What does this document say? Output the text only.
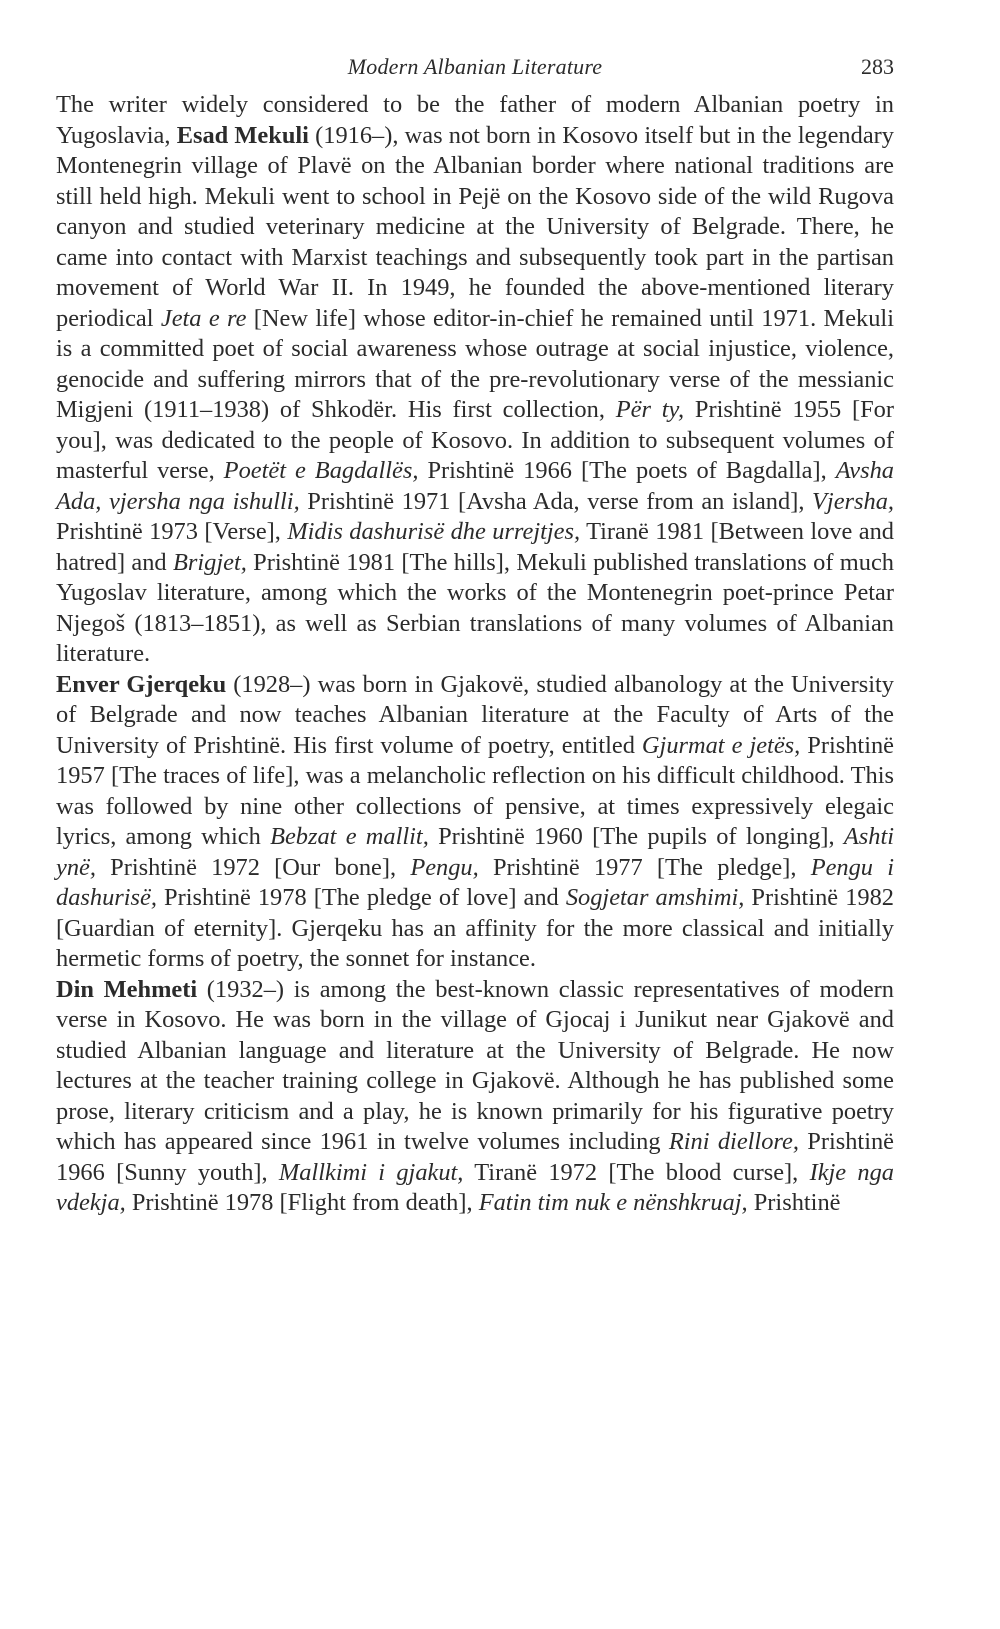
Modern Albanian Literature	283

The writer widely considered to be the father of modern Albanian poetry in Yugoslavia, Esad Mekuli (1916–), was not born in Kosovo itself but in the legendary Montenegrin village of Plavë on the Albanian border where national traditions are still held high. Mekuli went to school in Pejë on the Kosovo side of the wild Rugova canyon and studied veterinary medicine at the University of Belgrade. There, he came into contact with Marxist teachings and subsequently took part in the partisan movement of World War II. In 1949, he founded the above-mentioned literary periodical Jeta e re [New life] whose editor-in-chief he remained until 1971. Mekuli is a committed poet of social awareness whose outrage at social injustice, violence, genocide and suffering mirrors that of the pre-revolutionary verse of the messianic Migjeni (1911–1938) of Shkodër. His first collection, Për ty, Prishtinë 1955 [For you], was dedicated to the people of Kosovo. In addition to subsequent volumes of masterful verse, Poetët e Bagdallës, Prishtinë 1966 [The poets of Bagdalla], Avsha Ada, vjersha nga ishulli, Prishtinë 1971 [Avsha Ada, verse from an island], Vjersha, Prishtinë 1973 [Verse], Midis dashurisë dhe urrejtjes, Tiranë 1981 [Between love and hatred] and Brigjet, Prishtinë 1981 [The hills], Mekuli published translations of much Yugoslav literature, among which the works of the Montenegrin poet-prince Petar Njegoš (1813–1851), as well as Serbian translations of many volumes of Albanian literature.

Enver Gjerqeku (1928–) was born in Gjakovë, studied albanology at the University of Belgrade and now teaches Albanian literature at the Faculty of Arts of the University of Prishtinë. His first volume of poetry, entitled Gjurmat e jetës, Prishtinë 1957 [The traces of life], was a melancholic reflection on his difficult childhood. This was followed by nine other collections of pensive, at times expressively elegaic lyrics, among which Bebzat e mallit, Prishtinë 1960 [The pupils of longing], Ashti ynë, Prishtinë 1972 [Our bone], Pengu, Prishtinë 1977 [The pledge], Pengu i dashurisë, Prishtinë 1978 [The pledge of love] and Sogjetar amshimi, Prishtinë 1982 [Guardian of eternity]. Gjerqeku has an affinity for the more classical and initially hermetic forms of poetry, the sonnet for instance.

Din Mehmeti (1932–) is among the best-known classic representatives of modern verse in Kosovo. He was born in the village of Gjocaj i Junikut near Gjakovë and studied Albanian language and literature at the University of Belgrade. He now lectures at the teacher training college in Gjakovë. Although he has published some prose, literary criticism and a play, he is known primarily for his figurative poetry which has appeared since 1961 in twelve volumes including Rini diellore, Prishtinë 1966 [Sunny youth], Mallkimi i gjakut, Tiranë 1972 [The blood curse], Ikje nga vdekja, Prishtinë 1978 [Flight from death], Fatin tim nuk e nënshkruaj, Prishtinë
